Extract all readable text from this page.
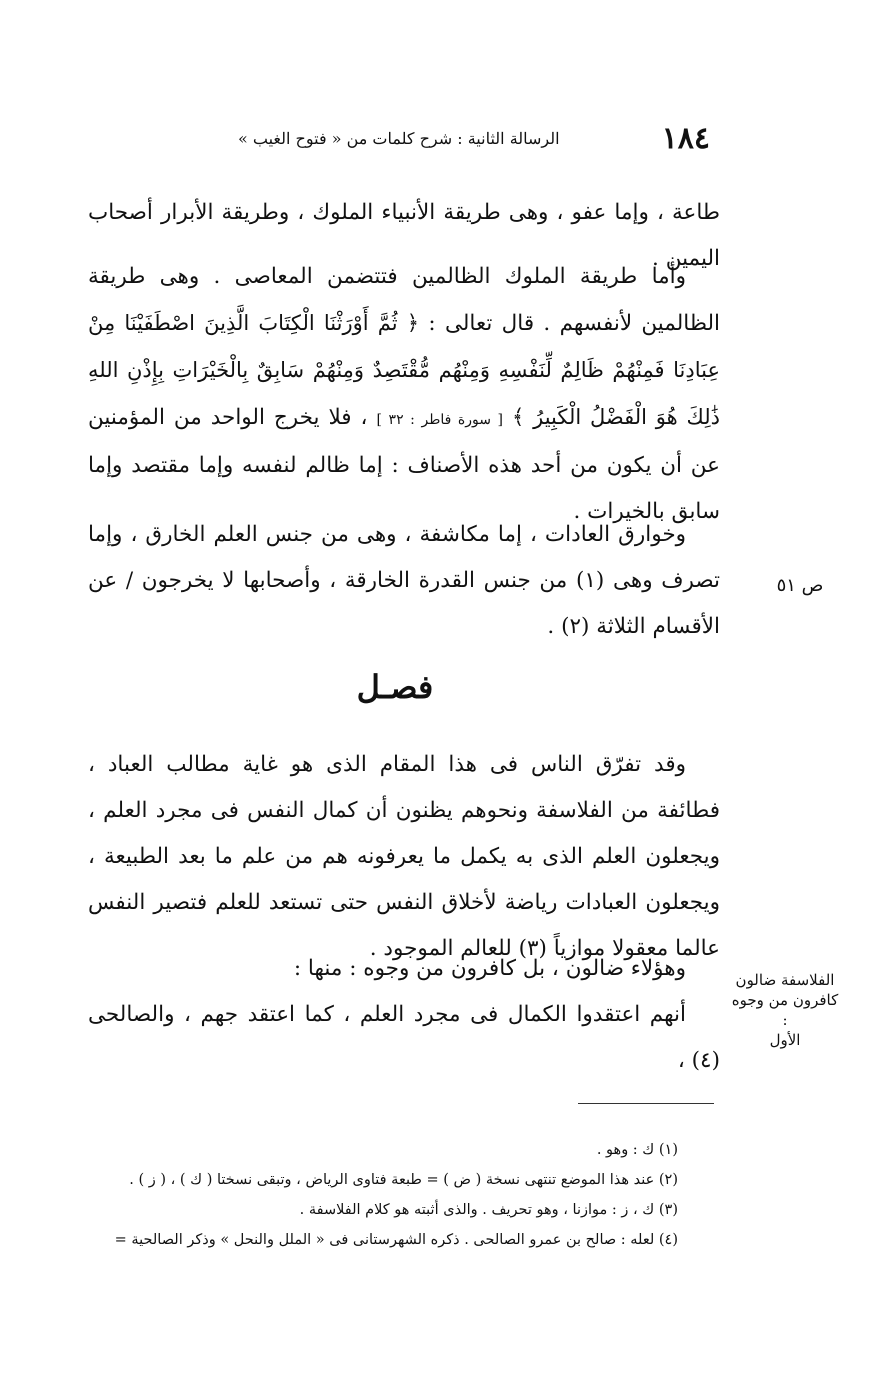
١٨٤
الرسالة الثانية : شرح كلمات من « فتوح الغيب »

طاعة ، وإما عفو ، وهى طريقة الأنبياء الملوك ، وطريقة الأبرار أصحاب اليمين .

وأما طريقة الملوك الظالمين فتتضمن المعاصى . وهى طريقة الظالمين لأنفسهم . قال تعالى : ﴿ ثُمَّ أَوْرَثْنَا الْكِتَابَ الَّذِينَ اصْطَفَيْنَا مِنْ عِبَادِنَا فَمِنْهُمْ ظَالِمٌ لِّنَفْسِهِ وَمِنْهُم مُّقْتَصِدٌ وَمِنْهُمْ سَابِقٌ بِالْخَيْرَاتِ بِإِذْنِ اللهِ ذَٰلِكَ هُوَ الْفَضْلُ الْكَبِيرُ ﴾ [ سورة فاطر : ٣٢ ] ، فلا يخرج الواحد من المؤمنين عن أن يكون من أحد هذه الأصناف : إما ظالم لنفسه وإما مقتصد وإما سابق بالخيرات .

وخوارق العادات ، إما مكاشفة ، وهى من جنس العلم الخارق ، وإما تصرف وهى (١) من جنس القدرة الخارقة ، وأصحابها لا يخرجون / عن الأقسام الثلاثة (٢) .

ص ٥١
فصـل

وقد تفرّق الناس فى هذا المقام الذى هو غاية مطالب العباد ، فطائفة من الفلاسفة ونحوهم يظنون أن كمال النفس فى مجرد العلم ، ويجعلون العلم الذى به يكمل ما يعرفونه هم من علم ما بعد الطبيعة ، ويجعلون العبادات رياضة لأخلاق النفس حتى تستعد للعلم فتصير النفس عالما معقولا موازياً (٣) للعالم الموجود .

وهؤلاء ضالون ، بل كافرون من وجوه : منها :

أنهم اعتقدوا الكمال فى مجرد العلم ، كما اعتقد جهم ، والصالحى (٤) ،

الفلاسفة ضالون
كافرون من وجوه :
الأول
(١) ك : وهو .
(٢) عند هذا الموضع تنتهى نسخة ( ض ) = طبعة فتاوى الرياض ، وتبقى نسختا ( ك ) ، ( ز ) .
(٣) ك ، ز : موازنا ، وهو تحريف . والذى أثبته هو كلام الفلاسفة .
(٤) لعله : صالح بن عمرو الصالحى . ذكره الشهرستانى فى « الملل والنحل » وذكر الصالحية =
